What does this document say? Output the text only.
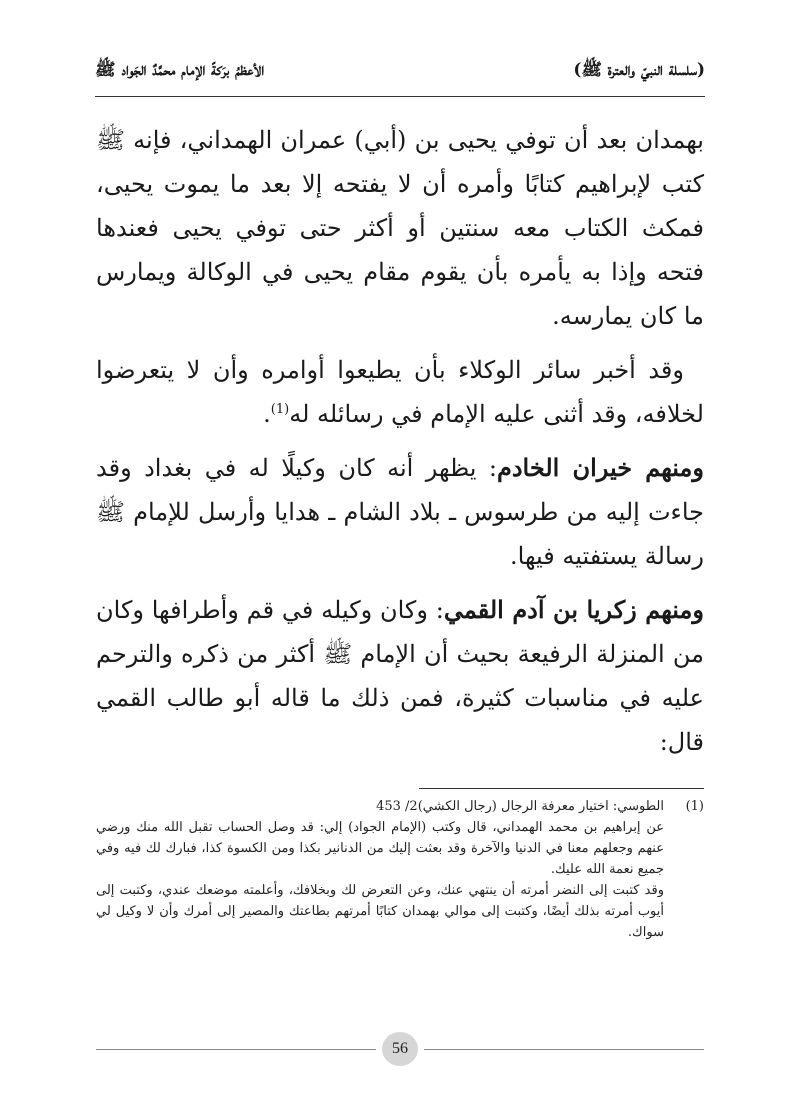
(سلسلة النبيّ والعترة ﷺ)
الأعظمُ برَكةً الإمام محمَّدٌ الجَواد ﷺ

بهمدان بعد أن توفي يحيى بن (أبي) عمران الهمداني، فإنه ﷺ كتب لإبراهيم كتابًا وأمره أن لا يفتحه إلا بعد ما يموت يحيى، فمكث الكتاب معه سنتين أو أكثر حتى توفي يحيى فعندها فتحه وإذا به يأمره بأن يقوم مقام يحيى في الوكالة ويمارس ما كان يمارسه.

وقد أخبر سائر الوكلاء بأن يطيعوا أوامره وأن لا يتعرضوا لخلافه، وقد أثنى عليه الإمام في رسائله له$^{(1)}$.

ومنهم خيران الخادم: يظهر أنه كان وكيلًا له في بغداد وقد جاءت إليه من طرسوس ـ بلاد الشام ـ هدايا وأرسل للإمام ﷺ رسالة يستفتيه فيها.

ومنهم زكريا بن آدم القمي: وكان وكيله في قم وأطرافها وكان من المنزلة الرفيعة بحيث أن الإمام ﷺ أكثر من ذكره والترحم عليه في مناسبات كثيرة، فمن ذلك ما قاله أبو طالب القمي قال:

(1)
الطوسي: اختيار معرفة الرجال (رجال الكشي)2/ 453

عن إبراهيم بن محمد الهمداني، قال وكتب (الإمام الجواد) إلي: قد وصل الحساب تقبل الله منك ورضي عنهم وجعلهم معنا في الدنيا والآخرة وقد بعثت إليك من الدنانير بكذا ومن الكسوة كذا، فبارك لك فيه وفي جميع نعمة الله عليك.

وقد كتبت إلى النضر أمرته أن ينتهي عنك، وعن التعرض لك وبخلافك، وأعلمته موضعك عندي، وكتبت إلى أيوب أمرته بذلك أيضًا، وكتبت إلى موالي بهمدان كتابًا أمرتهم بطاعتك والمصير إلى أمرك وأن لا وكيل لي سواك.

56
